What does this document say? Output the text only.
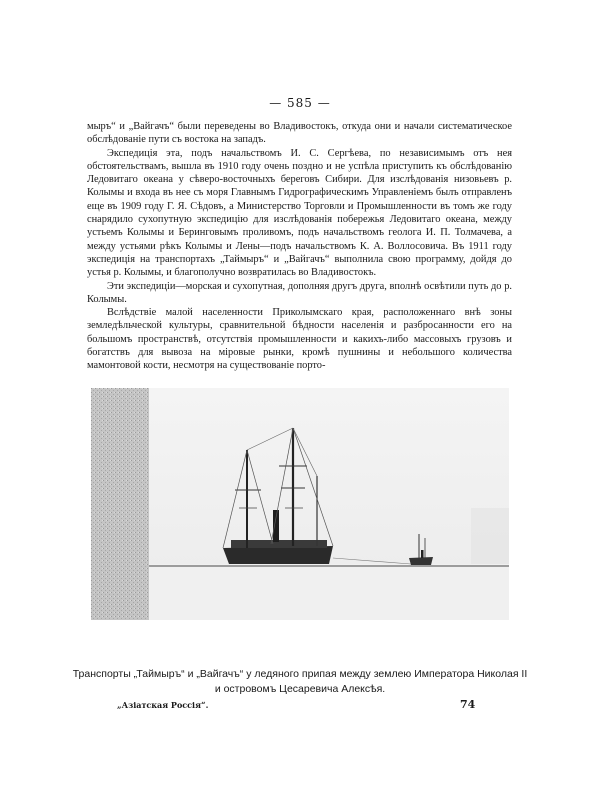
— 585 —

мыръ“ и „Вайгачъ“ были переведены во Владивостокъ, откуда они и начали систематическое обслѣдованіе пути съ востока на западъ.

Экспедиція эта, подъ начальствомъ И. С. Сергѣева, по независимымъ отъ нея обстоятельствамъ, вышла въ 1910 году очень поздно и не успѣла приступить къ обслѣдованію Ледовитаго океана у сѣверо-восточныхъ береговъ Сибири. Для изслѣдованія низовьевъ р. Колымы и входа въ нее съ моря Главнымъ Гидрографическимъ Управленіемъ былъ отправленъ еще въ 1909 году Г. Я. Сѣдовъ, а Министерство Торговли и Промышленности въ томъ же году снарядило сухопутную экспедицію для изслѣдованія побережья Ледовитаго океана, между устьемъ Колымы и Беринговымъ проливомъ, подъ начальствомъ геолога И. П. Толмачева, а между устьями рѣкъ Колымы и Лены—подъ начальствомъ К. А. Воллосовича. Въ 1911 году экспедиція на транспортахъ „Таймыръ“ и „Вайгачъ“ выполнила свою программу, дойдя до устья р. Колымы, и благополучно возвратилась во Владивостокъ.

Эти экспедиціи—морская и сухопутная, дополняя другъ друга, вполнѣ освѣтили путь до р. Колымы.

Вслѣдствіе малой населенности Приколымскаго края, расположеннаго внѣ зоны земледѣльческой культуры, сравнительной бѣдности населенія и разбросанности его на большомъ пространствѣ, отсутствія промышленности и какихъ-либо массовыхъ грузовъ и богатствъ для вывоза на міровые рынки, кромѣ пушнины и небольшого количества мамонтовой кости, несмотря на существованіе порто-

Транспорты „Таймыръ“ и „Вайгачъ“ у ледяного припая между землею Императора Николая II
и островомъ Цесаревича Алексѣя.
„Азіатская Россія“.	74
